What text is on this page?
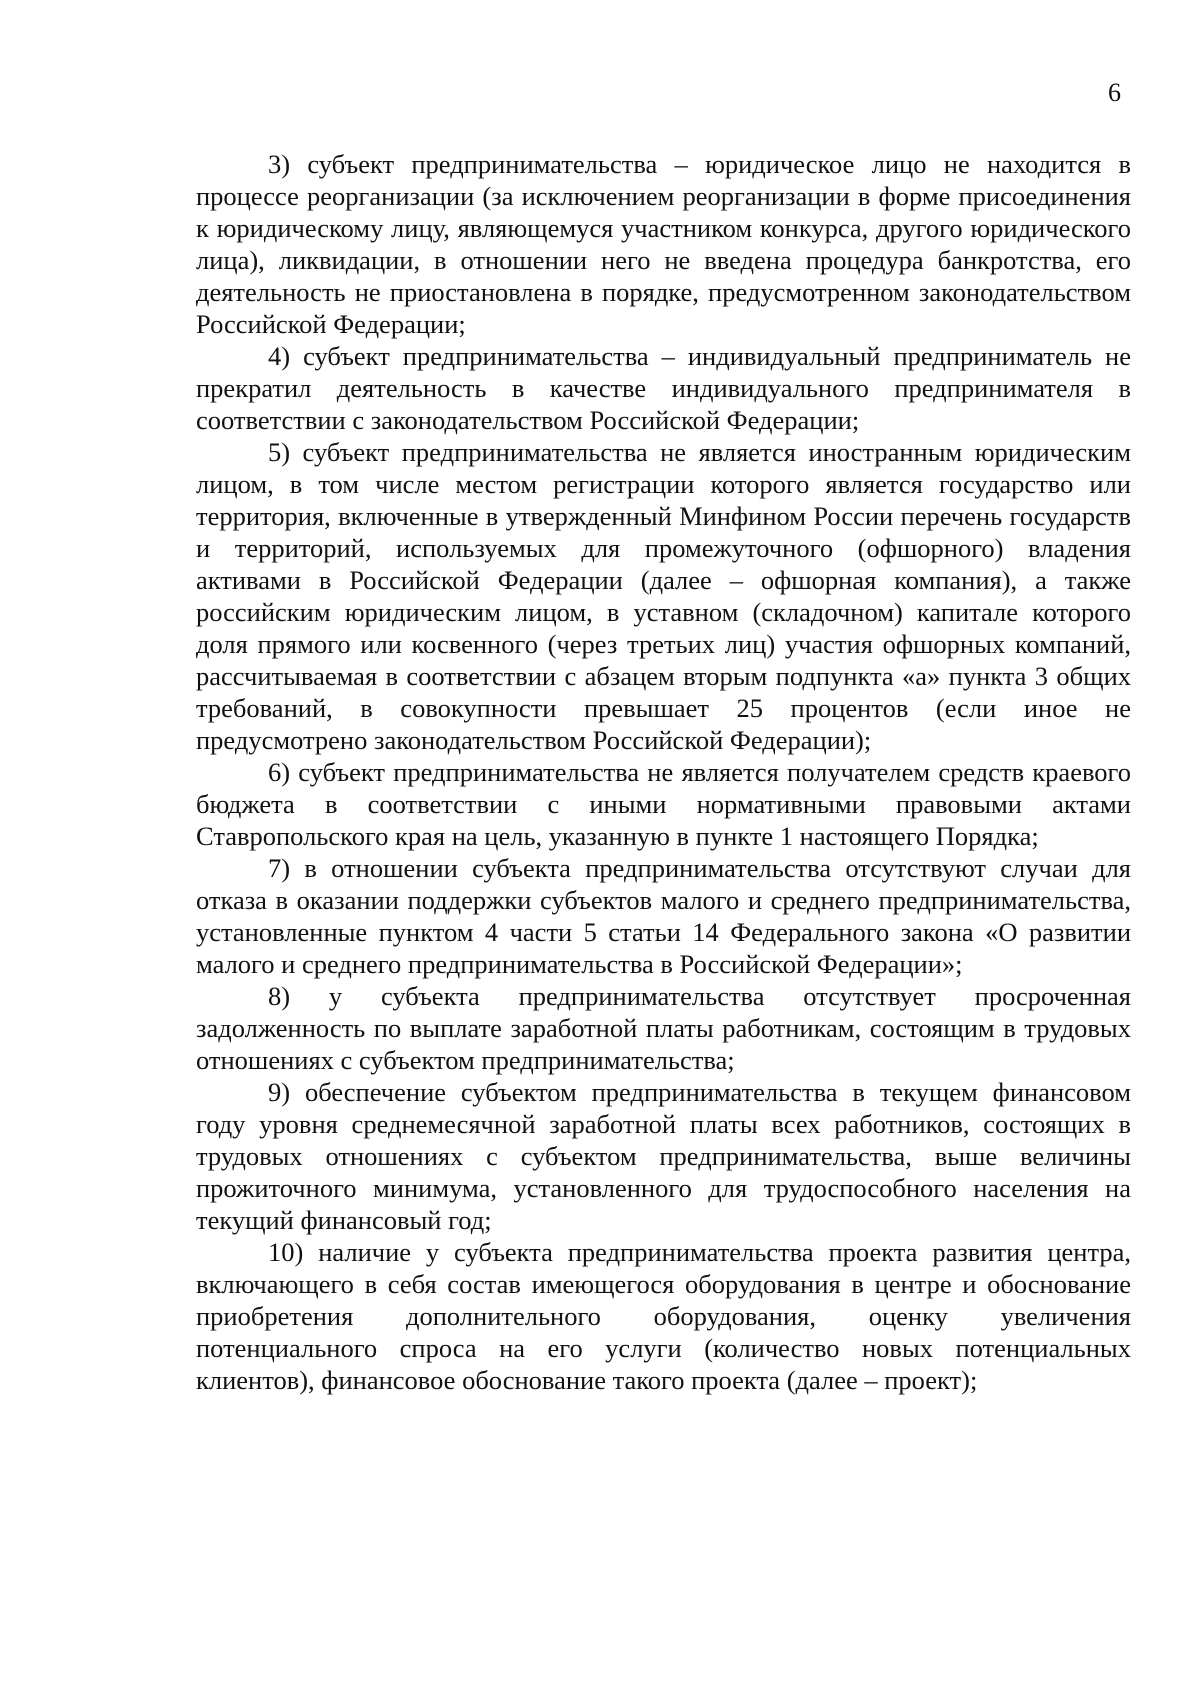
6

3) субъект предпринимательства – юридическое лицо не находится в процессе реорганизации (за исключением реорганизации в форме присоединения к юридическому лицу, являющемуся участником конкурса, другого юридического лица), ликвидации, в отношении него не введена процедура банкротства, его деятельность не приостановлена в порядке, предусмотренном законодательством Российской Федерации;

4) субъект предпринимательства – индивидуальный предприниматель не прекратил деятельность в качестве индивидуального предпринимателя в соответствии с законодательством Российской Федерации;

5) субъект предпринимательства не является иностранным юридическим лицом, в том числе местом регистрации которого является государство или территория, включенные в утвержденный Минфином России перечень государств и территорий, используемых для промежуточного (офшорного) владения активами в Российской Федерации (далее – офшорная компания), а также российским юридическим лицом, в уставном (складочном) капитале которого доля прямого или косвенного (через третьих лиц) участия офшорных компаний, рассчитываемая в соответствии с абзацем вторым подпункта «а» пункта 3 общих требований, в совокупности превышает 25 процентов (если иное не предусмотрено законодательством Российской Федерации);

6) субъект предпринимательства не является получателем средств краевого бюджета в соответствии с иными нормативными правовыми актами Ставропольского края на цель, указанную в пункте 1 настоящего Порядка;

7) в отношении субъекта предпринимательства отсутствуют случаи для отказа в оказании поддержки субъектов малого и среднего предпринимательства, установленные пунктом 4 части 5 статьи 14 Федерального закона «О развитии малого и среднего предпринимательства в Российской Федерации»;

8) у субъекта предпринимательства отсутствует просроченная задолженность по выплате заработной платы работникам, состоящим в трудовых отношениях с субъектом предпринимательства;

9) обеспечение субъектом предпринимательства в текущем финансовом году уровня среднемесячной заработной платы всех работников, состоящих в трудовых отношениях с субъектом предпринимательства, выше величины прожиточного минимума, установленного для трудоспособного населения на текущий финансовый год;

10) наличие у субъекта предпринимательства проекта развития центра, включающего в себя состав имеющегося оборудования в центре и обоснование приобретения дополнительного оборудования, оценку увеличения потенциального спроса на его услуги (количество новых потенциальных клиентов), финансовое обоснование такого проекта (далее – проект);
